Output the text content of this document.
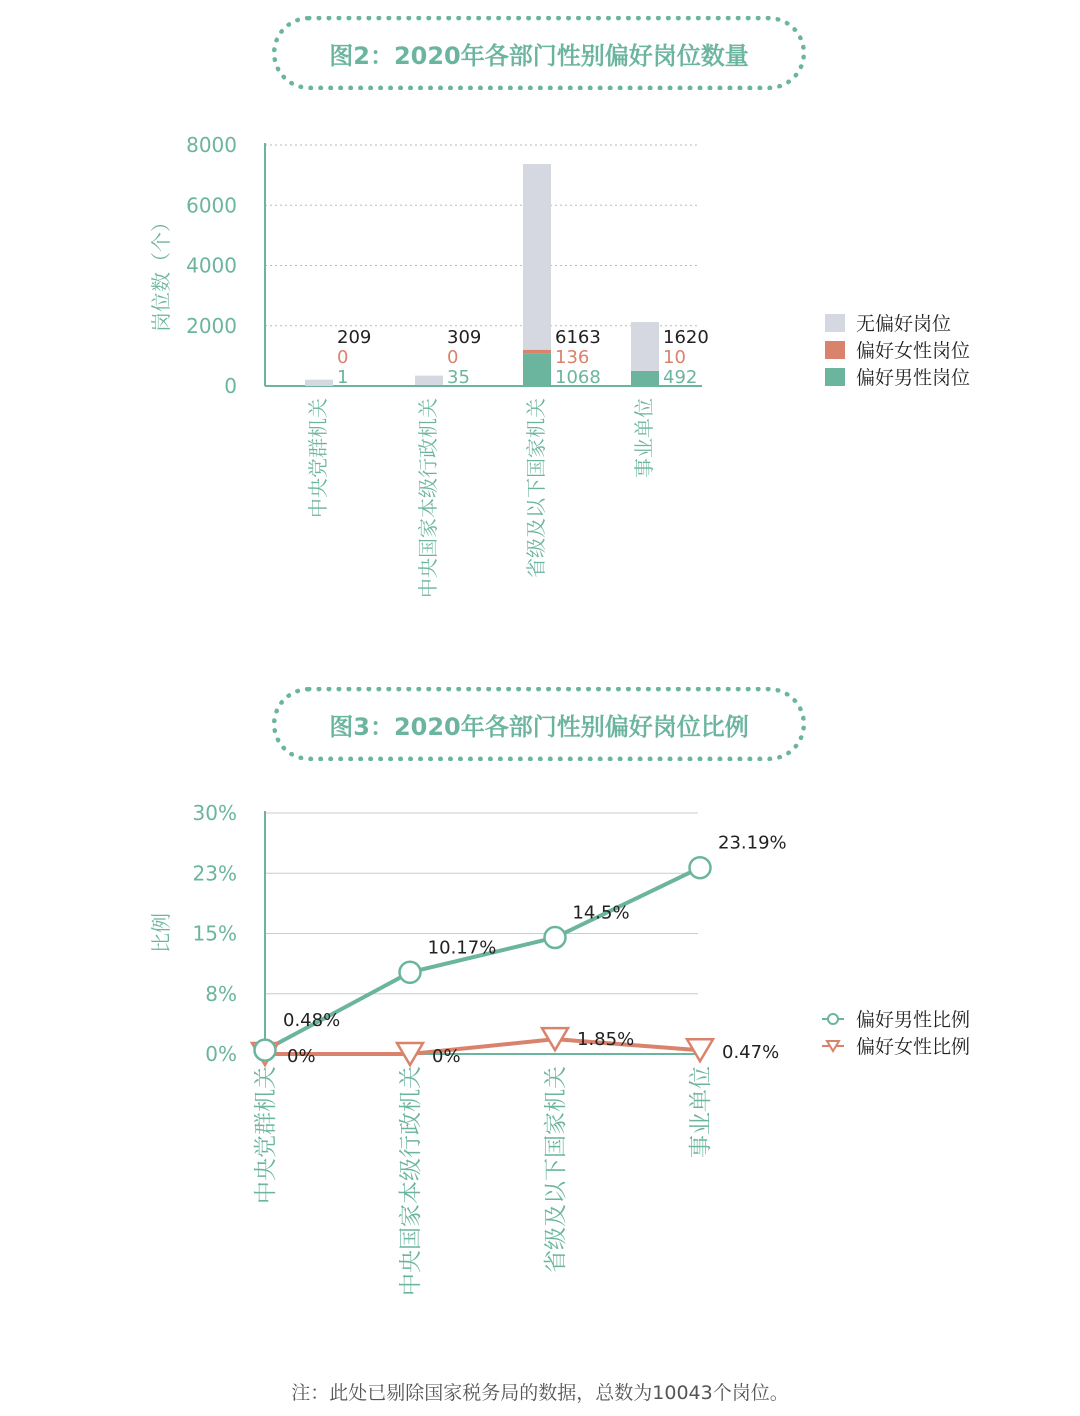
图2：2020年各部门性别偏好岗位数量
0
2000
4000
6000
8000
岗位数（个）
209
0
1
中央党群机关
309
0
35
中央国家本级行政机关
6163
136
1068
省级及以下国家机关
1620
10
492
事业单位
无偏好岗位
偏好女性岗位
偏好男性岗位
图3：2020年各部门性别偏好岗位比例
0%
8%
15%
23%
30%
比例
0.48%
10.17%
14.5%
23.19%
0%	0%
1.85%
0.47%
中央党群机关	中央国家本级行政机关	省级及以下国家机关	事业单位
偏好男性比例
偏好女性比例
注：此处已剔除国家税务局的数据，总数为10043个岗位。
